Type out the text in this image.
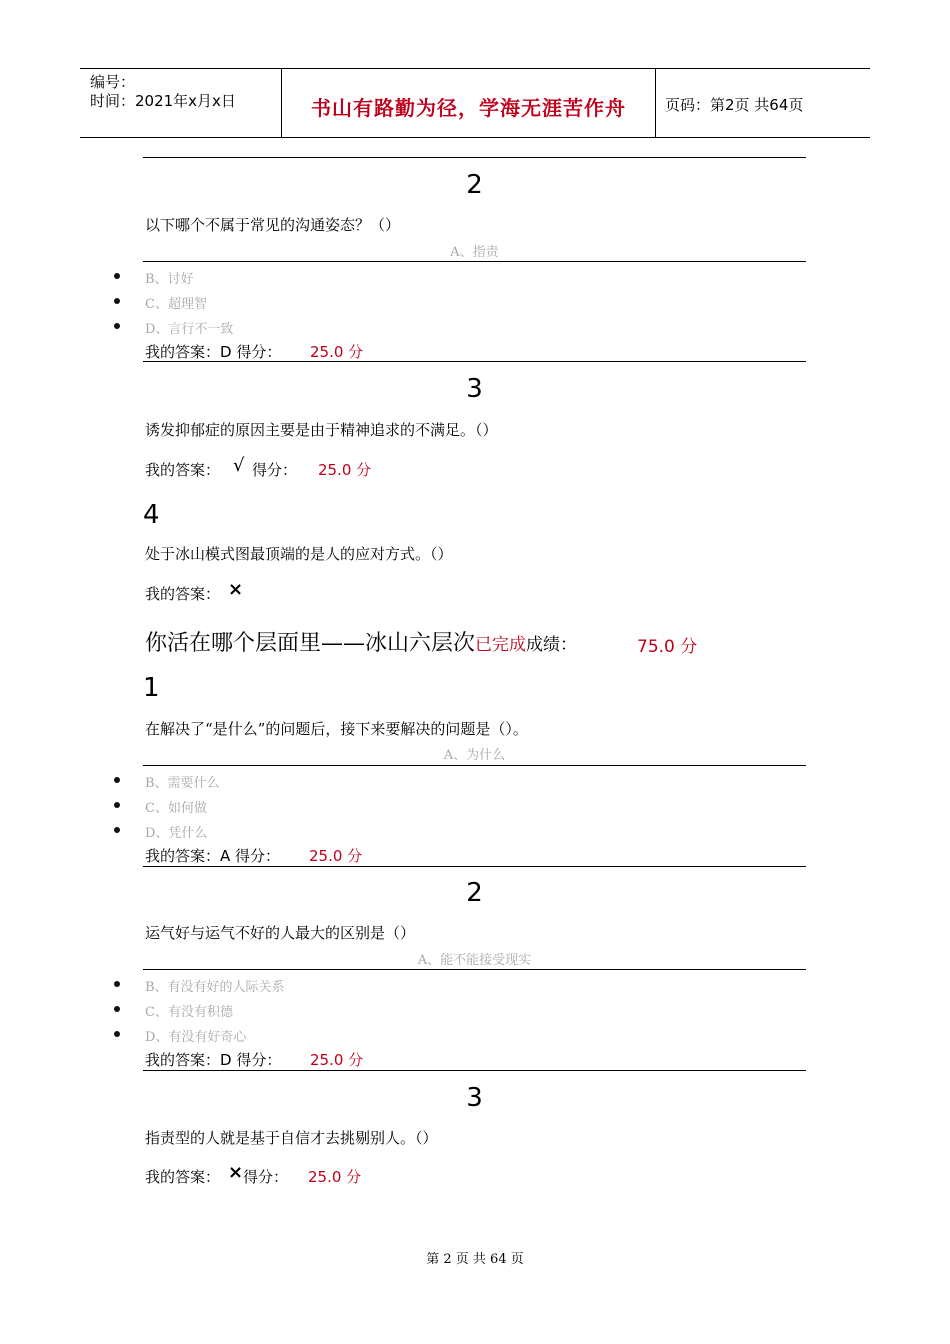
编号：
时间：2021年x月x日	书山有路勤为径，学海无涯苦作舟	页码：第2页 共64页
2
以下哪个不属于常见的沟通姿态？（）
A、指责
B、讨好
C、超理智
D、言行不一致
我的答案：D 得分： 25.0 分
3
诱发抑郁症的原因主要是由于精神追求的不满足。（）
我的答案： √ 得分： 25.0 分
4
处于冰山模式图最顶端的是人的应对方式。（）
我的答案： ×
你活在哪个层面里——冰山六层次已完成成绩：	75.0 分
1
在解决了“是什么”的问题后，接下来要解决的问题是（）。
A、为什么
B、需要什么
C、如何做
D、凭什么
我的答案：A 得分： 25.0 分
2
运气好与运气不好的人最大的区别是（）
A、能不能接受现实
B、有没有好的人际关系
C、有没有积德
D、有没有好奇心
我的答案：D 得分： 25.0 分
3
指责型的人就是基于自信才去挑剔别人。（）
我的答案： × 得分： 25.0 分
第 2 页 共 64 页
